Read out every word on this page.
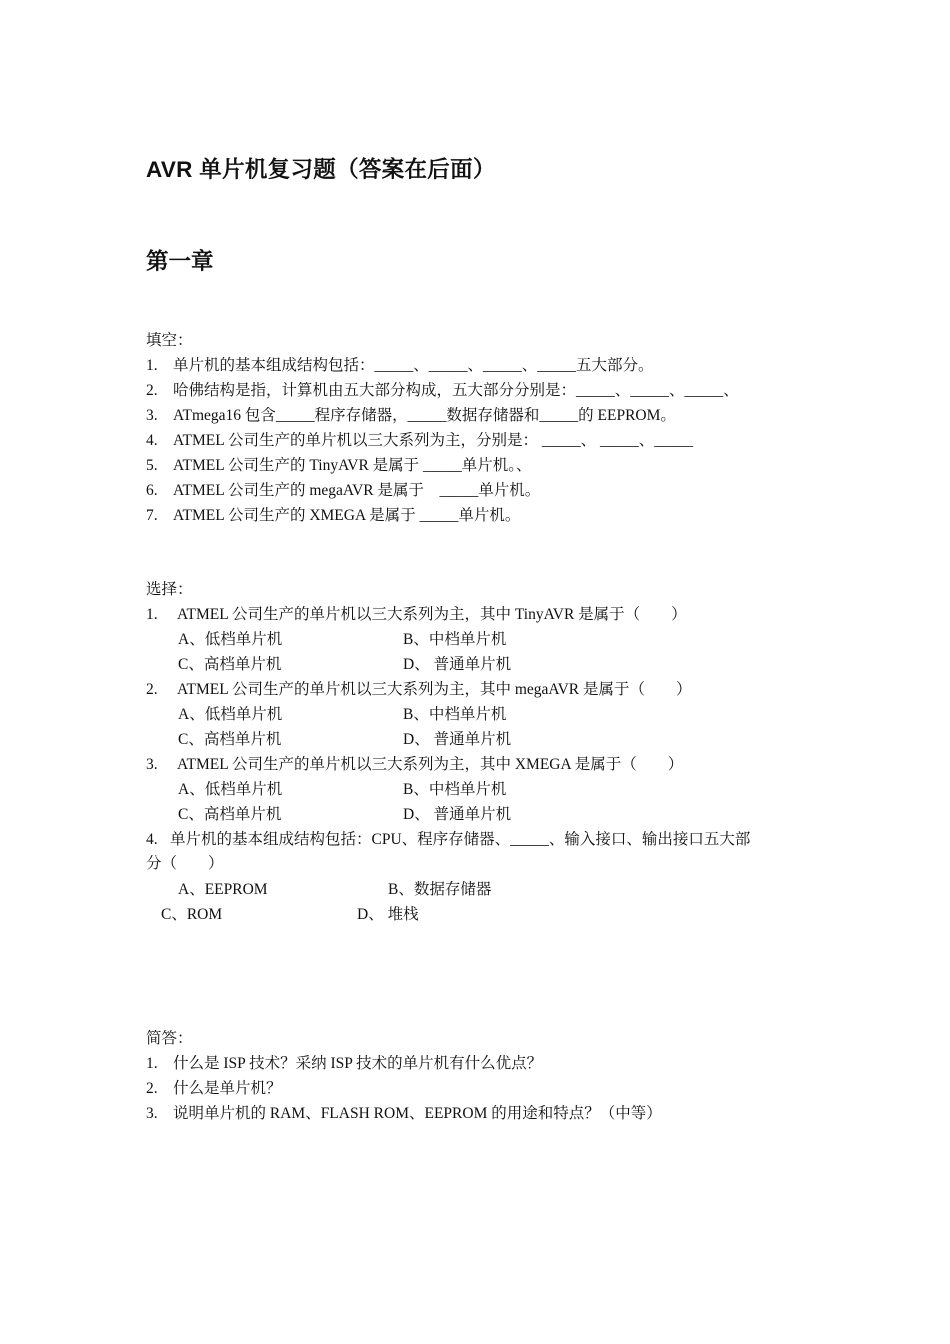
AVR 单片机复习题（答案在后面）
第一章
填空：
1. 单片机的基本组成结构包括：_____、_____、_____、_____五大部分。
2. 哈佛结构是指，计算机由五大部分构成，五大部分分别是：_____、_____、_____、
3. ATmega16 包含_____程序存储器，_____数据存储器和_____的 EEPROM。
4. ATMEL 公司生产的单片机以三大系列为主，分别是： _____、 _____、_____
5. ATMEL 公司生产的 TinyAVR 是属于 _____单片机。、
6. ATMEL 公司生产的 megaAVR 是属于    _____单片机。
7. ATMEL 公司生产的 XMEGA 是属于 _____单片机。
选择：
1. ATMEL 公司生产的单片机以三大系列为主，其中 TinyAVR 是属于（　　）
A、低档单片机	B、中档单片机
C、高档单片机	D、 普通单片机
2. ATMEL 公司生产的单片机以三大系列为主，其中 megaAVR 是属于（　　）
A、低档单片机	B、中档单片机
C、高档单片机	D、 普通单片机
3. ATMEL 公司生产的单片机以三大系列为主，其中 XMEGA 是属于（　　）
A、低档单片机	B、中档单片机
C、高档单片机	D、 普通单片机
4. 单片机的基本组成结构包括：CPU、程序存储器、_____、输入接口、输出接口五大部
分（　　）
A、EEPROM	B、数据存储器
C、ROM	D、 堆栈
简答：
1. 什么是 ISP 技术？采纳 ISP 技术的单片机有什么优点？
2. 什么是单片机？
3. 说明单片机的 RAM、FLASH ROM、EEPROM 的用途和特点？（中等）
